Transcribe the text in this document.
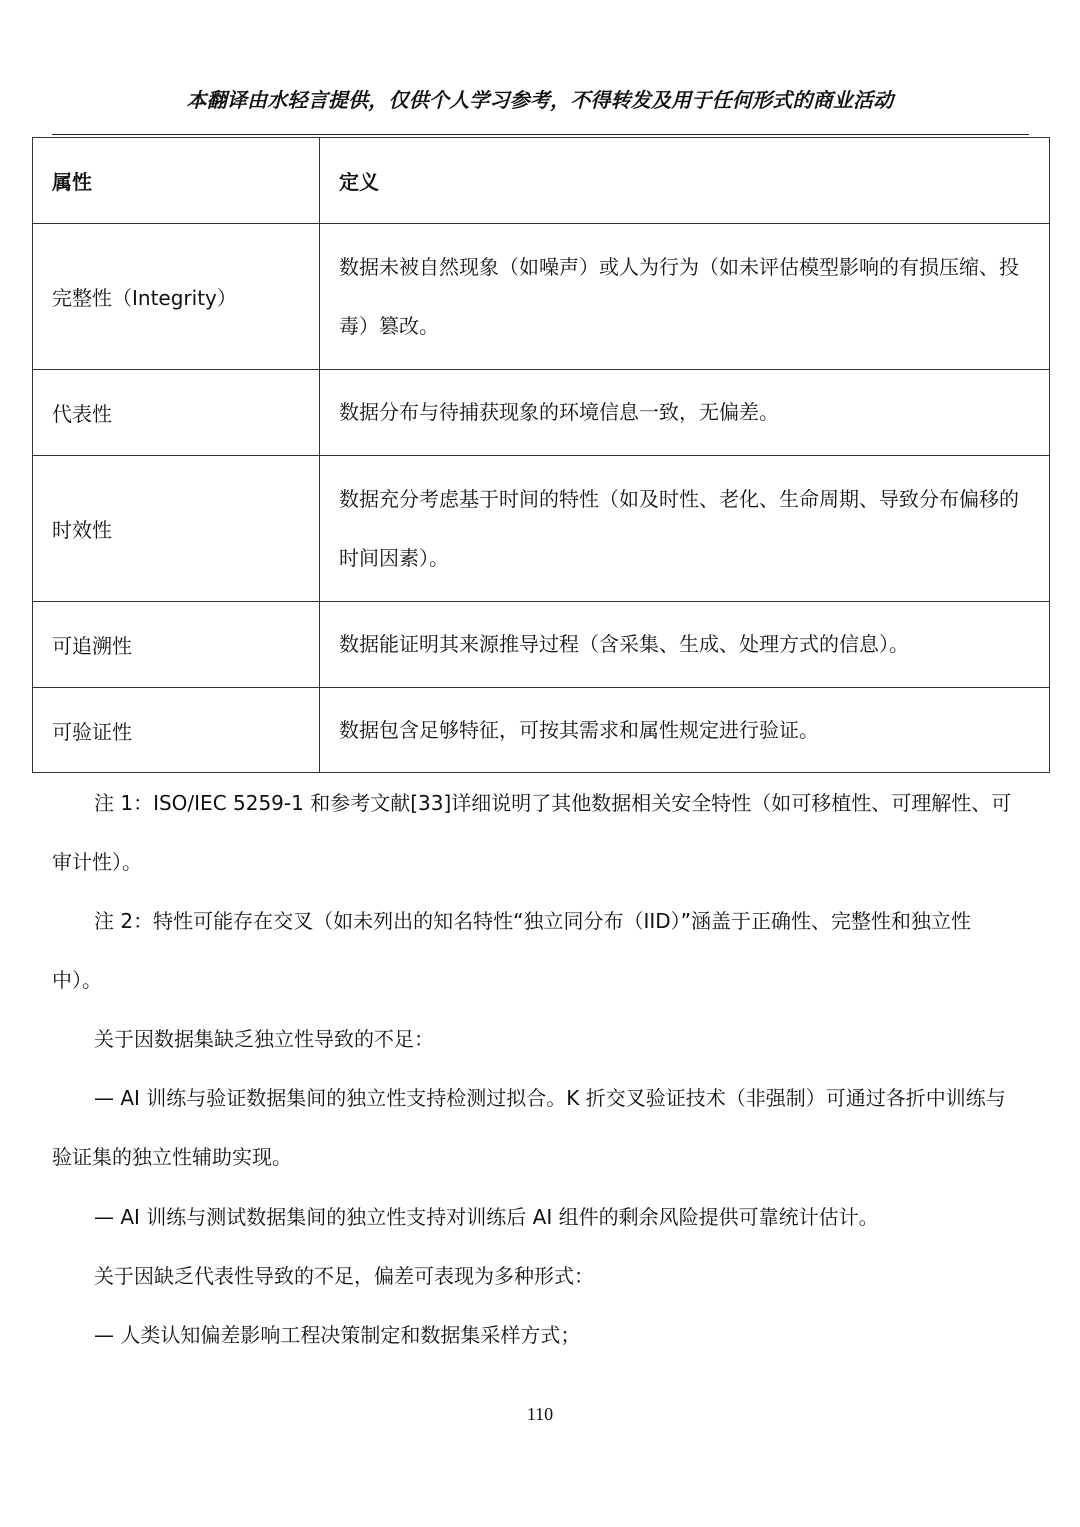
本翻译由水轻言提供，仅供个人学习参考，不得转发及用于任何形式的商业活动
属性	定义
完整性（Integrity）	数据未被自然现象（如噪声）或人为行为（如未评估模型影响的有损压缩、投毒）篡改。
代表性	数据分布与待捕获现象的环境信息一致，无偏差。
时效性	数据充分考虑基于时间的特性（如及时性、老化、生命周期、导致分布偏移的时间因素）。
可追溯性	数据能证明其来源推导过程（含采集、生成、处理方式的信息）。
可验证性	数据包含足够特征，可按其需求和属性规定进行验证。

注 1：ISO/IEC 5259-1 和参考文献[33]详细说明了其他数据相关安全特性（如可移植性、可理解性、可审计性）。

注 2：特性可能存在交叉（如未列出的知名特性“独立同分布（IID）”涵盖于正确性、完整性和独立性中）。

关于因数据集缺乏独立性导致的不足：

— AI 训练与验证数据集间的独立性支持检测过拟合。K 折交叉验证技术（非强制）可通过各折中训练与验证集的独立性辅助实现。

— AI 训练与测试数据集间的独立性支持对训练后 AI 组件的剩余风险提供可靠统计估计。

关于因缺乏代表性导致的不足，偏差可表现为多种形式：

— 人类认知偏差影响工程决策制定和数据集采样方式；

110
